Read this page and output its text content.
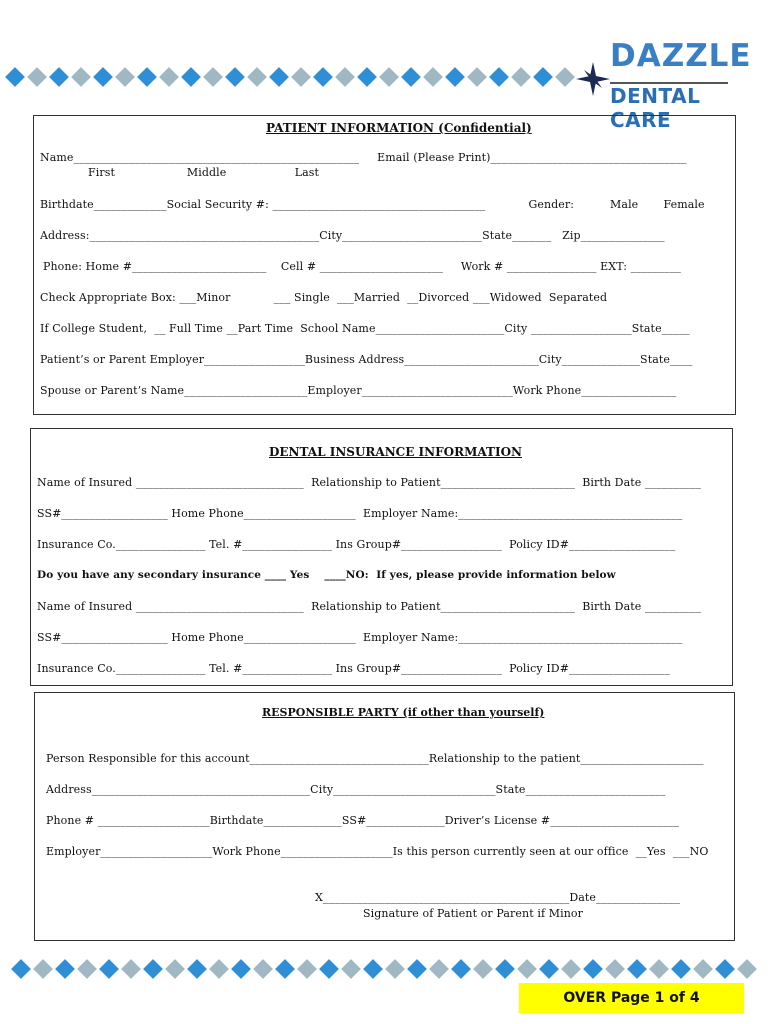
DAZZLE
DENTAL CARE
PATIENT INFORMATION (Confidential)
Name___________________________________________________     Email (Please Print)___________________________________
First                    Middle                   Last
Birthdate_____________Social Security #: ______________________________________            Gender:          Male       Female
Address:_________________________________________City_________________________State_______   Zip_______________
Phone: Home #________________________    Cell # ______________________     Work # ________________ EXT: _________
Check Appropriate Box: ___Minor            ___ Single  ___Married  __Divorced ___Widowed  Separated
If College Student,  __ Full Time __Part Time  School Name_______________________City __________________State_____
Patient’s or Parent Employer__________________Business Address________________________City______________State____
Spouse or Parent’s Name______________________Employer___________________________Work Phone_________________
DENTAL INSURANCE INFORMATION
Name of Insured ______________________________  Relationship to Patient________________________  Birth Date __________
SS#___________________ Home Phone____________________  Employer Name:________________________________________
Insurance Co.________________ Tel. #________________ Ins Group#__________________  Policy ID#___________________
Do you have any secondary insurance ____ Yes    ____NO:  If yes, please provide information below
Name of Insured ______________________________  Relationship to Patient________________________  Birth Date __________
SS#___________________ Home Phone____________________  Employer Name:________________________________________
Insurance Co.________________ Tel. #________________ Ins Group#__________________  Policy ID#__________________
RESPONSIBLE PARTY (if other than yourself)
Person Responsible for this account________________________________Relationship to the patient______________________
Address_______________________________________City_____________________________State_________________________
Phone # ____________________Birthdate______________SS#______________Driver’s License #_______________________
Employer____________________Work Phone____________________Is this person currently seen at our office  __Yes  ___NO
X____________________________________________Date_______________
Signature of Patient or Parent if Minor
OVER Page 1 of 4
